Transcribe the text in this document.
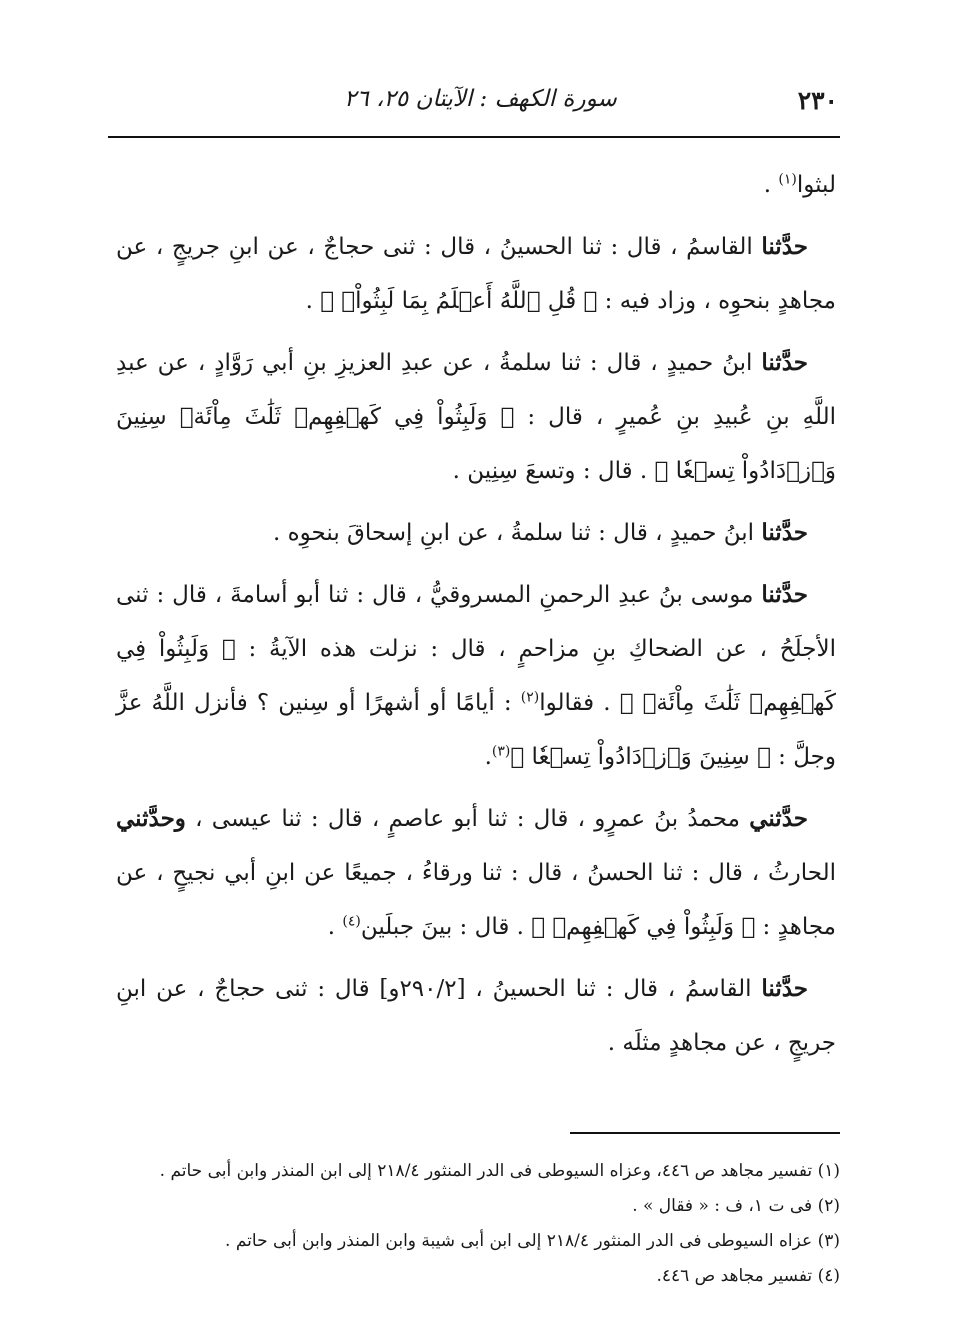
٢٣٠
سورة الكهف : الآيتان ٢٥، ٢٦

لبثوا$^{(١)}$ .

حدَّثنا القاسمُ ، قال : ثنا الحسينُ ، قال : ثنى حجاجٌ ، عن ابنِ جريجٍ ، عن مجاهدٍ بنحوِه ، وزاد فيه : ﴿ قُلِ ٱللَّهُ أَعۡلَمُ بِمَا لَبِثُواْۖ ﴾ .

حدَّثنا ابنُ حميدٍ ، قال : ثنا سلمةُ ، عن عبدِ العزيزِ بنِ أبي رَوَّادٍ ، عن عبدِ اللَّهِ بنِ عُبيدِ بنِ عُميرٍ ، قال : ﴿ وَلَبِثُواْ فِي كَهۡفِهِمۡ ثَلَٰثَ مِاْئَةٖ سِنِينَ وَٱزۡدَادُواْ تِسۡعٗا ﴾ . قال : وتسعَ سِنِين .

حدَّثنا ابنُ حميدٍ ، قال : ثنا سلمةُ ، عن ابنِ إسحاقَ بنحوِه .

حدَّثنا موسى بنُ عبدِ الرحمنِ المسروقيُّ ، قال : ثنا أبو أسامةَ ، قال : ثنى الأجلَحُ ، عن الضحاكِ بنِ مزاحمٍ ، قال : نزلت هذه الآيةُ : ﴿ وَلَبِثُواْ فِي كَهۡفِهِمۡ ثَلَٰثَ مِاْئَةٖ ﴾ . فقالوا$^{(٢)}$ : أيامًا أو أشهرًا أو سِنين ؟ فأنزل اللَّهُ عزَّ وجلَّ : ﴿ سِنِينَ وَٱزۡدَادُواْ تِسۡعٗا ﴾$^{(٣)}$.

حدَّثني محمدُ بنُ عمرٍو ، قال : ثنا أبو عاصمٍ ، قال : ثنا عيسى ، وحدَّثني الحارثُ ، قال : ثنا الحسنُ ، قال : ثنا ورقاءُ ، جميعًا عن ابنِ أبي نجيحٍ ، عن مجاهدٍ : ﴿ وَلَبِثُواْ فِي كَهۡفِهِمۡ ﴾ . قال : بينَ جبلَين$^{(٤)}$ .

حدَّثنا القاسمُ ، قال : ثنا الحسينُ ، [٢٩٠/٢و] قال : ثنى حجاجٌ ، عن ابنِ جريجٍ ، عن مجاهدٍ مثلَه .

(١) تفسير مجاهد ص ٤٤٦، وعزاه السيوطى فى الدر المنثور ٢١٨/٤ إلى ابن المنذر وابن أبى حاتم .

(٢) فى ت ١، ف : « فقال » .

(٣) عزاه السيوطى فى الدر المنثور ٢١٨/٤ إلى ابن أبى شيبة وابن المنذر وابن أبى حاتم .

(٤) تفسير مجاهد ص ٤٤٦.
